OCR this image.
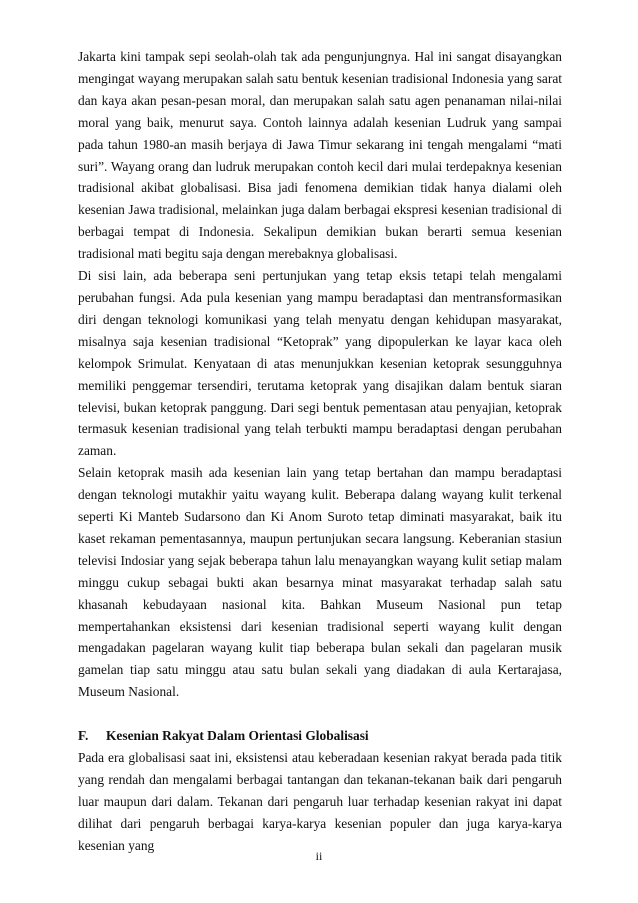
Jakarta kini tampak sepi seolah-olah tak ada pengunjungnya. Hal ini sangat disayangkan mengingat wayang merupakan salah satu bentuk kesenian tradisional Indonesia yang sarat dan kaya akan pesan-pesan moral, dan merupakan salah satu agen penanaman nilai-nilai moral yang baik, menurut saya. Contoh lainnya adalah kesenian Ludruk yang sampai pada tahun 1980-an masih berjaya di Jawa Timur sekarang ini tengah mengalami “mati suri”. Wayang orang dan ludruk merupakan contoh kecil dari mulai terdepaknya kesenian tradisional akibat globalisasi. Bisa jadi fenomena demikian tidak hanya dialami oleh kesenian Jawa tradisional, melainkan juga dalam berbagai ekspresi kesenian tradisional di berbagai tempat di Indonesia. Sekalipun demikian bukan berarti semua kesenian tradisional mati begitu saja dengan merebaknya globalisasi.

Di sisi lain, ada beberapa seni pertunjukan yang tetap eksis tetapi telah mengalami perubahan fungsi. Ada pula kesenian yang mampu beradaptasi dan mentransformasikan diri dengan teknologi komunikasi yang telah menyatu dengan kehidupan masyarakat, misalnya saja kesenian tradisional “Ketoprak” yang dipopulerkan ke layar kaca oleh kelompok Srimulat. Kenyataan di atas menunjukkan kesenian ketoprak sesungguhnya memiliki penggemar tersendiri, terutama ketoprak yang disajikan dalam bentuk siaran televisi, bukan ketoprak panggung. Dari segi bentuk pementasan atau penyajian, ketoprak termasuk kesenian tradisional yang telah terbukti mampu beradaptasi dengan perubahan zaman.

Selain ketoprak masih ada kesenian lain yang tetap bertahan dan mampu beradaptasi dengan teknologi mutakhir yaitu wayang kulit. Beberapa dalang wayang kulit terkenal seperti Ki Manteb Sudarsono dan Ki Anom Suroto tetap diminati masyarakat, baik itu kaset rekaman pementasannya, maupun pertunjukan secara langsung. Keberanian stasiun televisi Indosiar yang sejak beberapa tahun lalu menayangkan wayang kulit setiap malam minggu cukup sebagai bukti akan besarnya minat masyarakat terhadap salah satu khasanah kebudayaan nasional kita. Bahkan Museum Nasional pun tetap mempertahankan eksistensi dari kesenian tradisional seperti wayang kulit dengan mengadakan pagelaran wayang kulit tiap beberapa bulan sekali dan pagelaran musik gamelan tiap satu minggu atau satu bulan sekali yang diadakan di aula Kertarajasa, Museum Nasional.

F.	Kesenian Rakyat Dalam Orientasi Globalisasi

Pada era globalisasi saat ini, eksistensi atau keberadaan kesenian rakyat berada pada titik yang rendah dan mengalami berbagai tantangan dan tekanan-tekanan baik dari pengaruh luar maupun dari dalam. Tekanan dari pengaruh luar terhadap kesenian rakyat ini dapat dilihat dari pengaruh berbagai karya-karya kesenian populer dan juga karya-karya kesenian yang

ii
